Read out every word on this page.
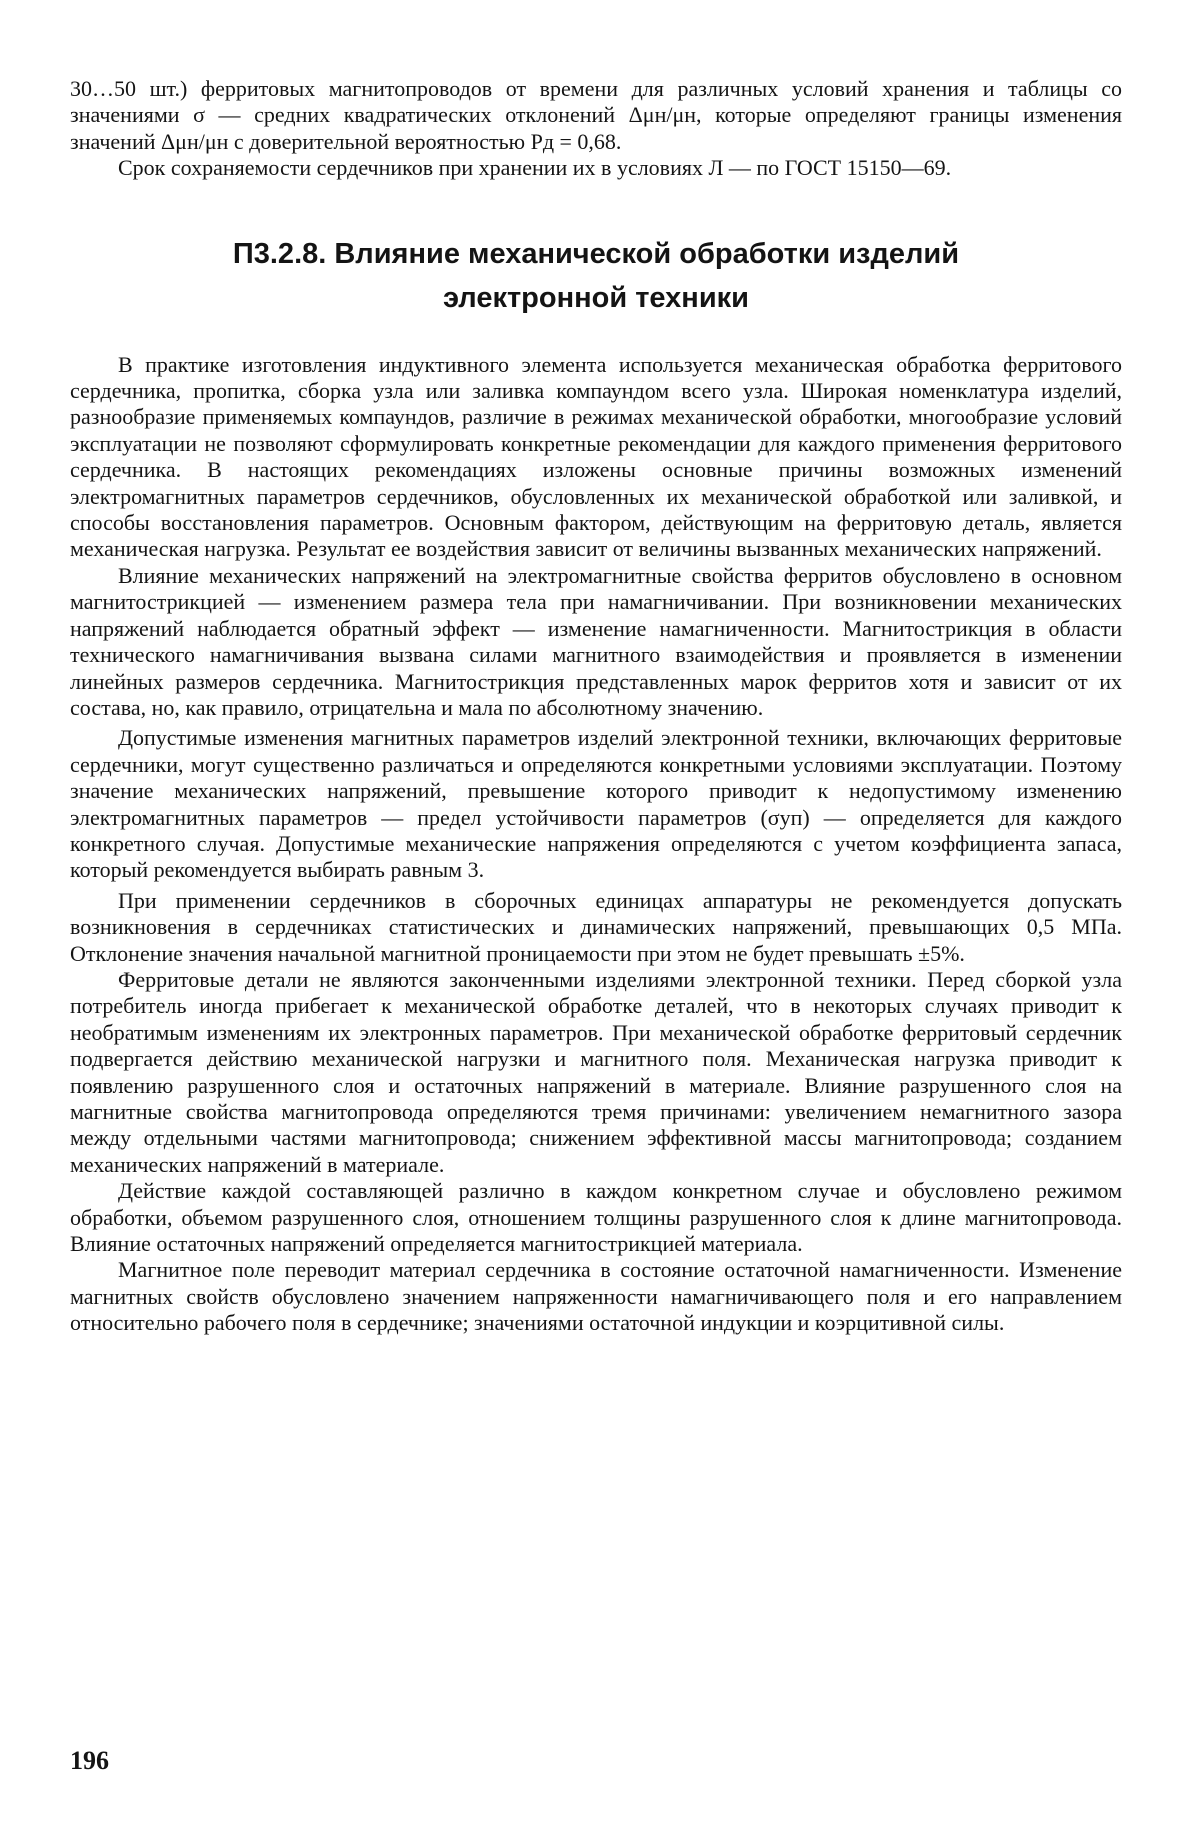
30…50 шт.) ферритовых магнитопроводов от времени для различных условий хранения и таблицы со значениями σ — средних квадратических отклонений Δμн/μн, которые определяют границы изменения значений Δμн/μн с доверительной вероятностью Pд = 0,68.

Срок сохраняемости сердечников при хранении их в условиях Л — по ГОСТ 15150—69.

П3.2.8. Влияние механической обработки изделий
электронной техники

В практике изготовления индуктивного элемента используется механическая обработка ферритового сердечника, пропитка, сборка узла или заливка компаундом всего узла. Широкая номенклатура изделий, разнообразие применяемых компаундов, различие в режимах механической обработки, многообразие условий эксплуатации не позволяют сформулировать конкретные рекомендации для каждого применения ферритового сердечника. В настоящих рекомендациях изложены основные причины возможных изменений электромагнитных параметров сердечников, обусловленных их механической обработкой или заливкой, и способы восстановления параметров. Основным фактором, действующим на ферритовую деталь, является механическая нагрузка. Результат ее воздействия зависит от величины вызванных механических напряжений.

Влияние механических напряжений на электромагнитные свойства ферритов обусловлено в основном магнитострикцией — изменением размера тела при намагничивании. При возникновении механических напряжений наблюдается обратный эффект — изменение намагниченности. Магнитострикция в области технического намагничивания вызвана силами магнитного взаимодействия и проявляется в изменении линейных размеров сердечника. Магнитострикция представленных марок ферритов хотя и зависит от их состава, но, как правило, отрицательна и мала по абсолютному значению.

Допустимые изменения магнитных параметров изделий электронной техники, включающих ферритовые сердечники, могут существенно различаться и определяются конкретными условиями эксплуатации. Поэтому значение механических напряжений, превышение которого приводит к недопустимому изменению электромагнитных параметров — предел устойчивости параметров (σуп) — определяется для каждого конкретного случая. Допустимые механические напряжения определяются с учетом коэффициента запаса, который рекомендуется выбирать равным 3.

При применении сердечников в сборочных единицах аппаратуры не рекомендуется допускать возникновения в сердечниках статистических и динамических напряжений, превышающих 0,5 МПа. Отклонение значения начальной магнитной проницаемости при этом не будет превышать ±5%.

Ферритовые детали не являются законченными изделиями электронной техники. Перед сборкой узла потребитель иногда прибегает к механической обработке деталей, что в некоторых случаях приводит к необратимым изменениям их электронных параметров. При механической обработке ферритовый сердечник подвергается действию механической нагрузки и магнитного поля. Механическая нагрузка приводит к появлению разрушенного слоя и остаточных напряжений в материале. Влияние разрушенного слоя на магнитные свойства магнитопровода определяются тремя причинами: увеличением немагнитного зазора между отдельными частями магнитопровода; снижением эффективной массы магнитопровода; созданием механических напряжений в материале.

Действие каждой составляющей различно в каждом конкретном случае и обусловлено режимом обработки, объемом разрушенного слоя, отношением толщины разрушенного слоя к длине магнитопровода. Влияние остаточных напряжений определяется магнитострикцией материала.

Магнитное поле переводит материал сердечника в состояние остаточной намагниченности. Изменение магнитных свойств обусловлено значением напряженности намагничивающего поля и его направлением относительно рабочего поля в сердечнике; значениями остаточной индукции и коэрцитивной силы.

196
